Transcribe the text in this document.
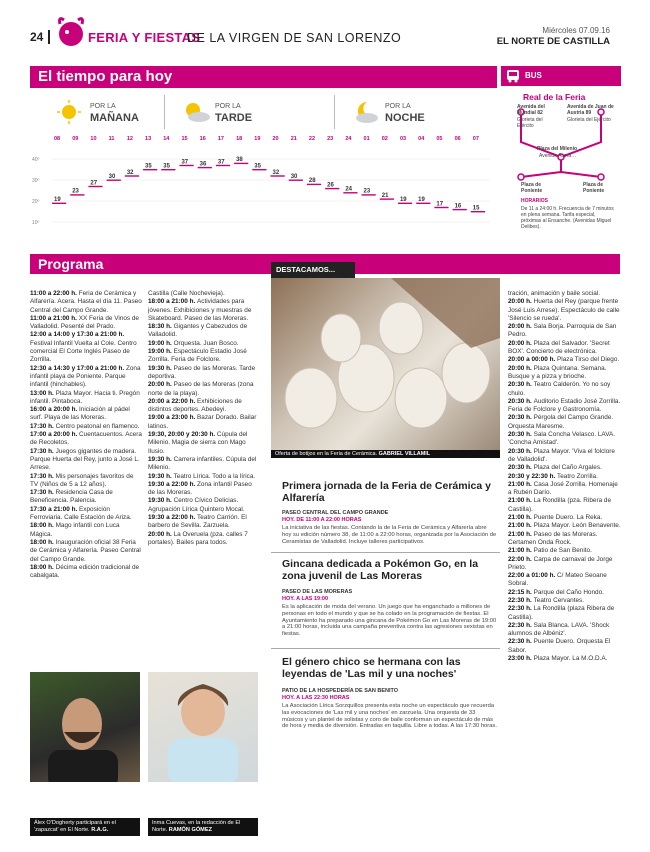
24	FERIA Y FIESTAS
DE LA VIRGEN DE SAN LORENZO
Miércoles 07.09.16
EL NORTE DE CASTILLA
El tiempo para hoy
POR LA
MAÑANA
POR LA
TARDE
POR LA
NOCHE
40º
30º
20º
10º
08
19
09
23
10
27
11
30
12
32
13
35
14
35
15
37
16
36
17
37
18
38
19
35
20
32
21
30
22
28
23
26
24
24
01
23
02
21
03
19
04
19
05
17
06
16
07
15
BUS
Real de la Feria
Avenida del Mundial 82
Glorieta del Ejército
Avenida de Juan de Austria 89
Glorieta del Ejército
Plaza del Milenio
Avenida Acera…
Plaza de Poniente
Plaza de Poniente
HORARIOS
De 11 a 24:00 h. Frecuencia de 7 minutos en plena semana. Tarifa especial, próximas al Ensanche. (Avenidas Miguel Delibes).
Programa

11:00 a 22:00 h. Feria de Cerámica y Alfarería. Acera. Hasta el día 11. Paseo Central del Campo Grande.

11:00 a 21:00 h. XX Feria de Vinos de Valladolid. Pesenté del Prado.

12:00 a 14:00 y 17:30 a 21:00 h. Festival Infantil Vuelta al Cole. Centro comercial El Corte Inglés Paseo de Zorrilla.

12:30 a 14:30 y 17:00 a 21:00 h. Zona infantil playa de Poniente. Parque infantil (hinchables).

13:00 h. Plaza Mayor. Hacia ti. Pregón infantil. Pintaboca.

16:00 a 20:00 h. Iniciación al pádel surf. Playa de las Moreras.

17:30 h. Centro peatonal en flamenco.

17:00 a 20:00 h. Cuentacuentos. Acera de Recoletos.

17:30 h. Juegos gigantes de madera. Parque Huerta del Rey, junto a José L. Arrese.

17:30 h. Mis personajes favoritos de TV (Niños de 5 a 12 años).

17:30 h. Residencia Casa de Beneficencia. Palencia.

17:30 a 21:00 h. Exposición Ferroviaria. Calle Estación de Ariza.

18:00 h. Mago infantil con Luca Mágica.

18:00 h. Inauguración oficial 38 Feria de Cerámica y Alfarería. Paseo Central del Campo Grande.

18:00 h. Décima edición tradicional de cabalgata.

Castilla (Calle Nochevieja).

18:00 a 21:00 h. Actividades para jóvenes. Exhibiciones y muestras de Skateboard. Paseo de las Moreras.

18:30 h. Gigantes y Cabezudos de Valladolid.

19:00 h. Orquesta. Juan Bosco.

19:00 h. Espectáculo Estadio José Zorrilla. Feria de Folclore.

19:30 h. Paseo de las Moreras. Tarde deportiva.

20:00 h. Paseo de las Moreras (zona norte de la playa).

20:00 a 22:00 h. Exhibiciones de distintos deportes. Abedeyi.

19:00 a 23:00 h. Bazar Dorado. Bailar latinos.

19:30, 20:00 y 20:30 h. Cúpula del Milenio. Magia de sierra con Mago Ilusio.

19:30 h. Carrera infantiles. Cúpula del Milenio.

19:30 h. Teatro Lírica. Todo a la lírica.

19:30 a 22:00 h. Zona infantil Paseo de las Moreras.

19:30 h. Centro Cívico Delicias. Agrupación Lírica Quintero Mocal.

19:30 a 22:00 h. Teatro Carrión. El barbero de Sevilla. Zarzuela.

20:00 h. La Overuela (pza. calles 7 portales). Bailes para todos.

tración, animación y baile social.

20:00 h. Huerta del Rey (parque frente José Luis Arrese). Espectáculo de calle 'Silencio se rueda'.

20:00 h. Sala Borja. Parroquia de San Pedro.

20:00 h. Plaza del Salvador. 'Secret BOX'. Concierto de electrónica.

20:00 a 00:00 h. Plaza Tirso del Diego.

20:00 h. Plaza Quintana. Semana. Busque y a pizza y brioche.

20:30 h. Teatro Calderón. Yo no soy chulo.

20:30 h. Auditorio Estadio José Zorrilla. Feria de Folclore y Gastronomía.

20:30 h. Pérgola del Campo Grande. Orquesta Maresme.

20:30 h. Sala Concha Velasco. LAVA. 'Concha Amistad'.

20:30 h. Plaza Mayor. 'Viva el folclore de Valladolid'.

20:30 h. Plaza del Caño Argales.

20:30 y 22:30 h. Teatro Zorrilla.

21:00 h. Casa José Zorrilla. Homenaje a Rubén Darío.

21:00 h. La Rondilla (pza. Ribera de Castilla).

21:00 h. Puente Duero. La Reka.

21:00 h. Plaza Mayor. León Benavente.

21:00 h. Paseo de las Moreras. Certamen Onda Rock.

21:00 h. Patio de San Benito.

22:00 h. Carpa de carnaval de Jorge Prieto.

22:00 a 01:00 h. C/ Mateo Seoane Sobral.

22:15 h. Parque del Caño Hondo.

22:30 h. Teatro Cervantes.

22:30 h. La Rondilla (plaza Ribera de Castilla).

22:30 h. Sala Blanca. LAVA. 'Shock alumnos de Albéniz'.

22:30 h. Puente Duero. Orquesta El Sabor.

23:00 h. Plaza Mayor. La M.O.D.A.

DESTACAMOS...
Oferta de botijos en la Feria de Cerámica. GABRIEL VILLAMIL
Primera jornada de la Feria de Cerámica y Alfarería
PASEO CENTRAL DEL CAMPO GRANDE
HOY. DE 11:00 A 22:00 HORAS
La iniciativa de las fiestas. Contando la de la Feria de Cerámica y Alfarería abre hoy su edición número 38, de 11:00 a 22:00 horas, organizada por la Asociación de Ceramistas de Valladolid. Incluye talleres participativos.
Gincana dedicada a Pokémon Go, en la zona juvenil de Las Moreras
PASEO DE LAS MORERAS
HOY. A LAS 19:00
Es la aplicación de moda del verano. Un juego que ha enganchado a millones de personas en todo el mundo y que se ha colado en la programación de fiestas. El Ayuntamiento ha preparado una gincana de Pokémon Go en Las Moreras de 19:00 a 21:00 horas, incluida una campaña preventiva contra las agresiones sexistas en fiestas.
El género chico se hermana con las leyendas de 'Las mil y una noches'
PATIO DE LA HOSPEDERÍA DE SAN BENITO
HOY. A LAS 22:30 HORAS
La Asociación Lírica Sorzquillos presenta esta noche un espectáculo que recuerda las evocaciones de 'Las mil y una noches' en zarzuela. Una orquesta de 33 músicos y un plantel de solistas y coro de baile conforman un espectáculo de más de hora y media de diversión. Entradas en taquilla. Libre a todas. A las 17:30 horas.
Álex O'Dogherty participará en el 'zapazcat' en El Norte. R.A.G.
Inma Cuevas, en la redacción de El Norte. RAMÓN GÓMEZ
